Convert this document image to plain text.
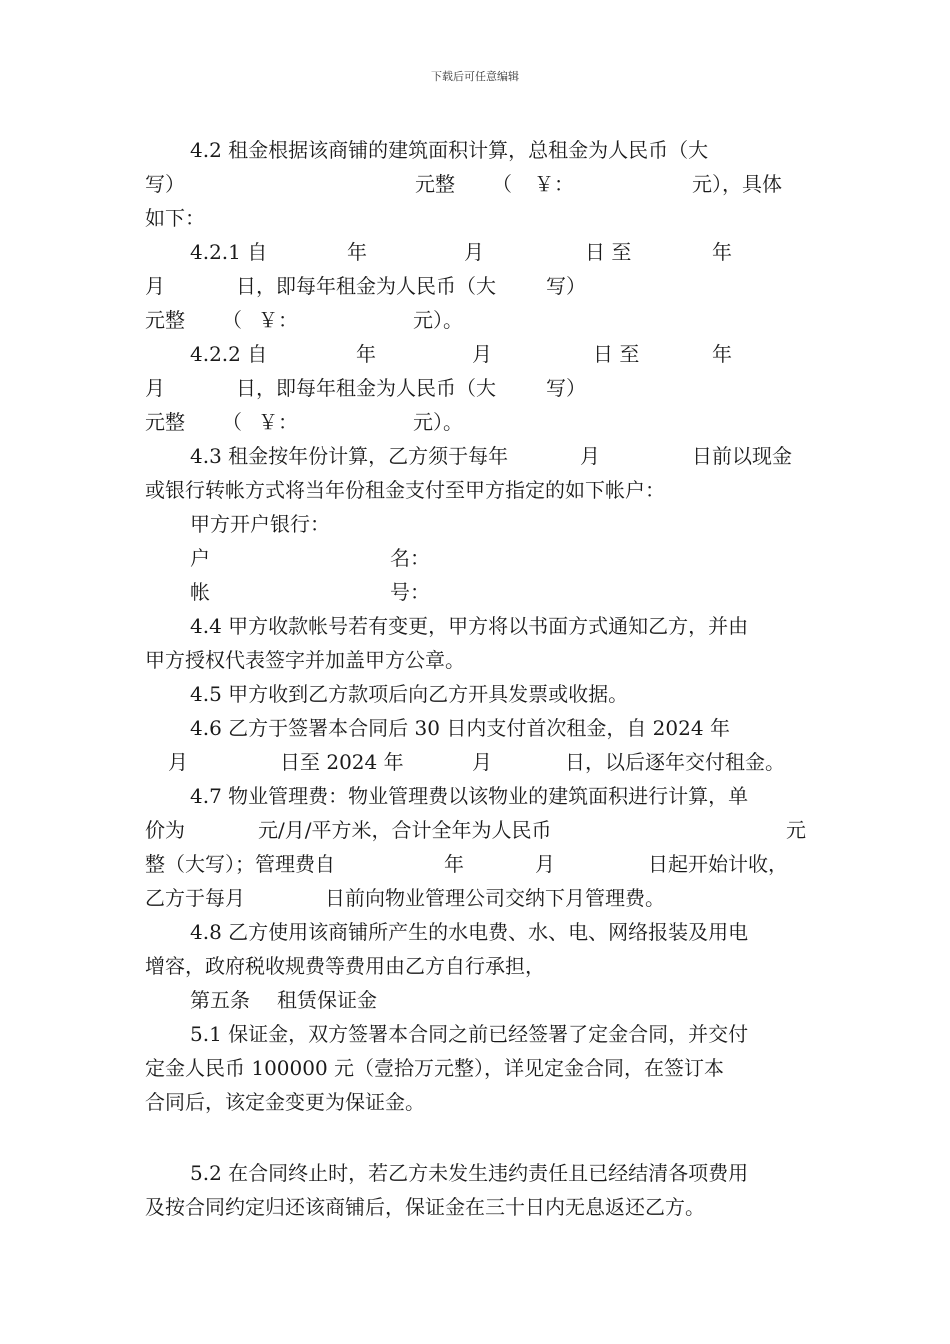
下载后可任意编辑
4.2 租金根据该商铺的建筑面积计算，总租金为人民币（大
写）	元整 （ ￥：	元），具体
如下：
4.2.1 自	年	月	日 至	年
月	日，即每年租金为人民币（大	写）
元整 （ ￥：	元）。
4.2.2 自	年	月	日 至	年
月	日，即每年租金为人民币（大	写）
元整 （ ￥：	元）。
4.3 租金按年份计算，乙方须于每年	月	日前以现金
或银行转帐方式将当年份租金支付至甲方指定的如下帐户：
甲方开户银行：
户	名：
帐	号：
4.4 甲方收款帐号若有变更，甲方将以书面方式通知乙方，并由
甲方授权代表签字并加盖甲方公章。
4.5 甲方收到乙方款项后向乙方开具发票或收据。
4.6 乙方于签署本合同后 30 日内支付首次租金，自 2024 年
月	日至 2024 年	月	日，以后逐年交付租金。
4.7 物业管理费：物业管理费以该物业的建筑面积进行计算，单
价为	元/月/平方米，合计全年为人民币	元
整（大写）；管理费自	年	月	日起开始计收，
乙方于每月	日前向物业管理公司交纳下月管理费。
4.8 乙方使用该商铺所产生的水电费、水、电、网络报装及用电
增容，政府税收规费等费用由乙方自行承担，
第五条 租赁保证金
5.1 保证金，双方签署本合同之前已经签署了定金合同，并交付
定金人民币 100000 元（壹拾万元整），详见定金合同，在签订本
合同后，该定金变更为保证金。
5.2 在合同终止时，若乙方未发生违约责任且已经结清各项费用
及按合同约定归还该商铺后，保证金在三十日内无息返还乙方。
